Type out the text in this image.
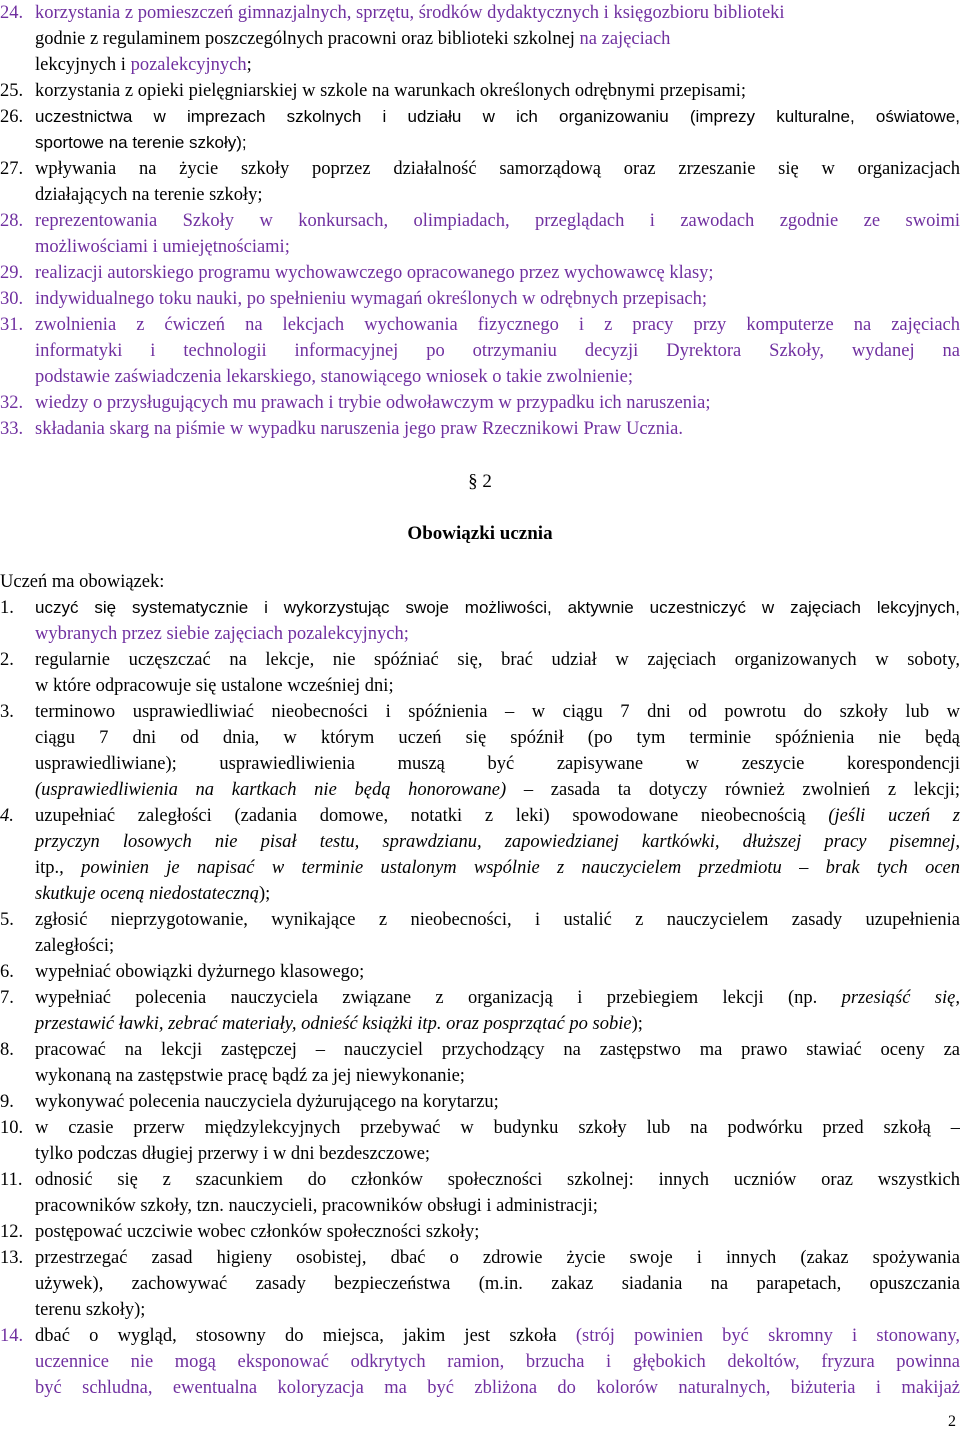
24. korzystania z pomieszczeń gimnazjalnych, sprzętu, środków dydaktycznych i księgozbioru biblioteki
godnie z regulaminem poszczególnych pracowni oraz biblioteki szkolnej na zajęciach
lekcyjnych i pozalekcyjnych;
25. korzystania z opieki pielęgniarskiej w szkole na warunkach określonych odrębnymi przepisami;
26. uczestnictwa w imprezach szkolnych i udziału w ich organizowaniu (imprezy kulturalne, oświatowe,
sportowe na terenie szkoły);
27. wpływania na życie szkoły poprzez działalność samorządową oraz zrzeszanie się w organizacjach
działających na terenie szkoły;
28. reprezentowania Szkoły w konkursach, olimpiadach, przeglądach i zawodach zgodnie ze swoimi
możliwościami i umiejętnościami;
29. realizacji autorskiego programu wychowawczego opracowanego przez wychowawcę klasy;
30. indywidualnego toku nauki, po spełnieniu wymagań określonych w odrębnych przepisach;
31. zwolnienia z ćwiczeń na lekcjach wychowania fizycznego i z pracy przy komputerze na zajęciach
informatyki i technologii informacyjnej po otrzymaniu decyzji Dyrektora Szkoły, wydanej na
podstawie zaświadczenia lekarskiego, stanowiącego wniosek o takie zwolnienie;
32. wiedzy o przysługujących mu prawach i trybie odwoławczym w przypadku ich naruszenia;
33. składania skarg na piśmie w wypadku naruszenia jego praw Rzecznikowi Praw Ucznia.
§ 2
Obowiązki ucznia
Uczeń ma obowiązek:
1. uczyć się systematycznie i wykorzystując swoje możliwości, aktywnie uczestniczyć w zajęciach lekcyjnych,
wybranych przez siebie zajęciach pozalekcyjnych;
2. regularnie uczęszczać na lekcje, nie spóźniać się, brać udział w zajęciach organizowanych w soboty,
w które odpracowuje się ustalone wcześniej dni;
3. terminowo usprawiedliwiać nieobecności i spóźnienia – w ciągu 7 dni od powrotu do szkoły lub w
ciągu 7 dni od dnia, w którym uczeń się spóźnił (po tym terminie spóźnienia nie będą
usprawiedliwiane); usprawiedliwienia muszą być zapisywane w zeszycie korespondencji
(usprawiedliwienia na kartkach nie będą honorowane) – zasada ta dotyczy również zwolnień z lekcji;
4. uzupełniać zaległości (zadania domowe, notatki z leki) spowodowane nieobecnością (jeśli uczeń z
przyczyn losowych nie pisał testu, sprawdzianu, zapowiedzianej kartkówki, dłuższej pracy pisemnej,
itp., powinien je napisać w terminie ustalonym wspólnie z nauczycielem przedmiotu – brak tych ocen
skutkuje oceną niedostateczną);
5. zgłosić nieprzygotowanie, wynikające z nieobecności, i ustalić z nauczycielem zasady uzupełnienia
zaległości;
6. wypełniać obowiązki dyżurnego klasowego;
7. wypełniać polecenia nauczyciela związane z organizacją i przebiegiem lekcji (np. przesiąść się,
przestawić ławki, zebrać materiały, odnieść książki itp. oraz posprzątać po sobie);
8. pracować na lekcji zastępczej – nauczyciel przychodzący na zastępstwo ma prawo stawiać oceny za
wykonaną na zastępstwie pracę bądź za jej niewykonanie;
9. wykonywać polecenia nauczyciela dyżurującego na korytarzu;
10. w czasie przerw międzylekcyjnych przebywać w budynku szkoły lub na podwórku przed szkołą –
tylko podczas długiej przerwy i w dni bezdeszczowe;
11. odnosić się z szacunkiem do członków społeczności szkolnej: innych uczniów oraz wszystkich
pracowników szkoły, tzn. nauczycieli, pracowników obsługi i administracji;
12. postępować uczciwie wobec członków społeczności szkoły;
13. przestrzegać zasad higieny osobistej, dbać o zdrowie życie swoje i innych (zakaz spożywania
używek), zachowywać zasady bezpieczeństwa (m.in. zakaz siadania na parapetach, opuszczania
terenu szkoły);
14. dbać o wygląd, stosowny do miejsca, jakim jest szkoła (strój powinien być skromny i stonowany,
uczennice nie mogą eksponować odkrytych ramion, brzucha i głębokich dekoltów, fryzura powinna
być schludna, ewentualna koloryzacja ma być zbliżona do kolorów naturalnych, biżuteria i makijaż
2
